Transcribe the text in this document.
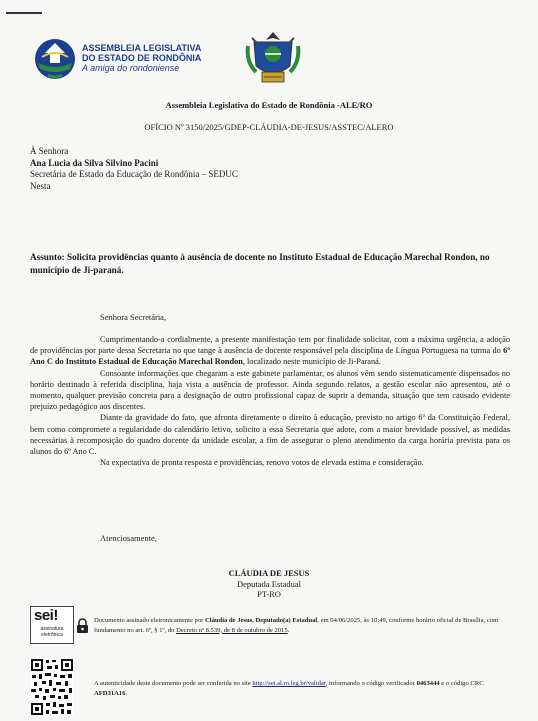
ASSEMBLEIA LEGISLATIVA
DO ESTADO DE RONDÔNIA
A amiga do rondoniense
Assembleia Legislativa do Estado de Rondônia -ALE/RO
OFÍCIO Nº 3150/2025/GDEP-CLÁUDIA-DE-JESUS/ASSTEC/ALERO
À Senhora
Ana Lucia da Silva Silvino Pacini
Secretária de Estado da Educação de Rondônia – SEDUC
Nesta
Assunto: Solicita providências quanto à ausência de docente no Instituto Estadual de Educação Marechal Rondon, no município de Ji-paraná.
Senhora Secretária,

Cumprimentando-a cordialmente, a presente manifestação tem por finalidade solicitar, com a máxima urgência, a adoção de providências por parte dessa Secretaria no que tange à ausência de docente responsável pela disciplina de Língua Portuguesa na turma do 6º Ano C do Instituto Estadual de Educação Marechal Rondon, localizado neste município de Ji-Paraná.

Consoante informações que chegaram a este gabinete parlamentar, os alunos vêm sendo sistematicamente dispensados no horário destinado à referida disciplina, haja vista a ausência de professor. Ainda segundo relatos, a gestão escolar não apresentou, até o momento, qualquer previsão concreta para a designação de outro profissional capaz de suprir a demanda, situação que tem causado evidente prejuízo pedagógico aos discentes.

Diante da gravidade do fato, que afronta diretamente o direito à educação, previsto no artigo 6º da Constituição Federal, bem como compromete a regularidade do calendário letivo, solicito a essa Secretaria que adote, com a maior brevidade possível, as medidas necessárias à recomposição do quadro docente da unidade escolar, a fim de assegurar o pleno atendimento da carga horária prevista para os alunos do 6º Ano C.

Na expectativa de pronta resposta e providências, renovo votos de elevada estima e consideração.

Atenciosamente,
CLÁUDIA DE JESUS
Deputada Estadual
PT-RO
sei!
assinatura
eletrônica
Documento assinado eletronicamente por Cláudia de Jesus, Deputado(a) Estadual, em 04/06/2025, às 10:49, conforme horário oficial de Brasília, com fundamento no art. 6º, § 1º, do Decreto nº 8.539, de 8 de outubro de 2015.
A autenticidade deste documento pode ser conferida no site http://sei.al.ro.leg.br/validar, informando o código verificador 0463444 e o código CRC AFD31A16.
